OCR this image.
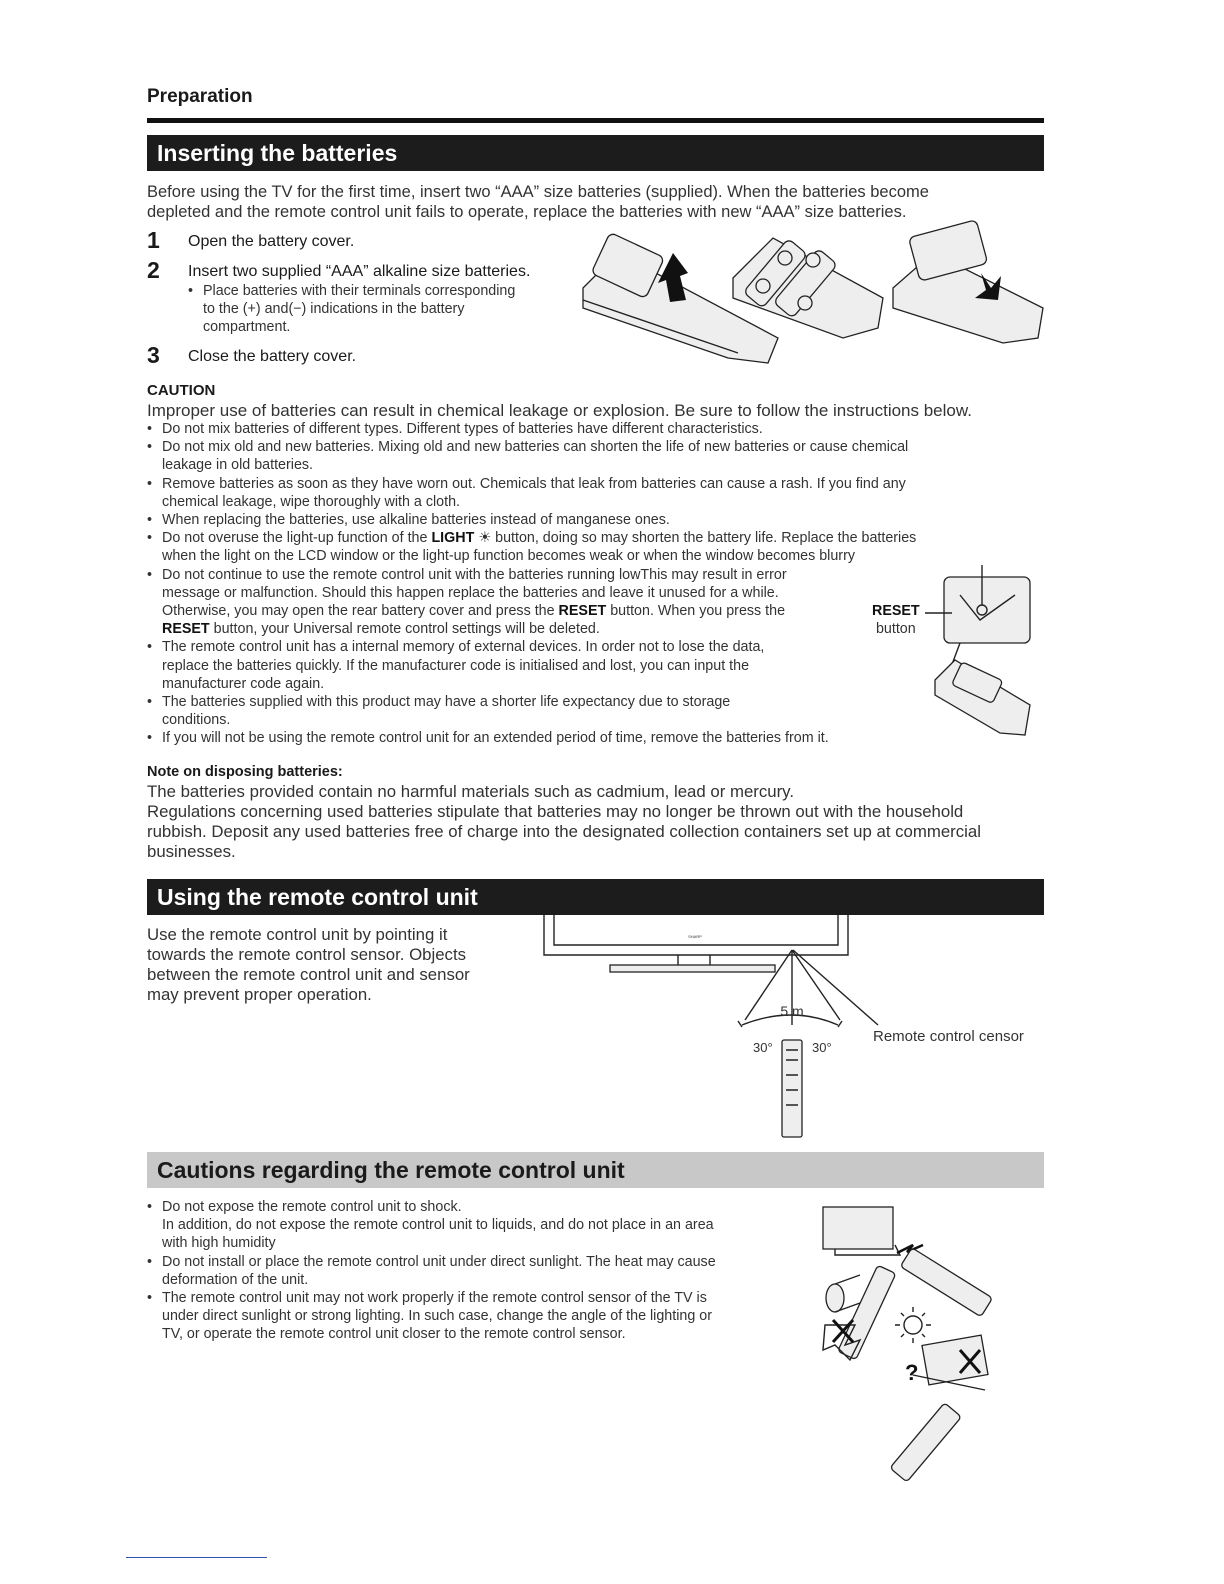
Preparation
Inserting the batteries
Before using the TV for the first time, insert two “AAA” size batteries (supplied). When the batteries become
depleted and the remote control unit fails to operate, replace the batteries with new “AAA” size batteries.
1 Open the battery cover.
2 Insert two supplied “AAA” alkaline size batteries.
• Place batteries with their terminals corresponding
to the (+) and(−) indications in the battery
compartment.
3 Close the battery cover.
CAUTION
Improper use of batteries can result in chemical leakage or explosion. Be sure to follow the instructions below.
• Do not mix batteries of different types. Different types of batteries have different characteristics.
• Do not mix old and new batteries. Mixing old and new batteries can shorten the life of new batteries or cause chemical
leakage in old batteries.
• Remove batteries as soon as they have worn out. Chemicals that leak from batteries can cause a rash. If you find any
chemical leakage, wipe thoroughly with a cloth.
• When replacing the batteries, use alkaline batteries instead of manganese ones.
• Do not overuse the light-up function of the LIGHT ☀ button, doing so may shorten the battery life. Replace the batteries
when the light on the LCD window or the light-up function becomes weak or when the window becomes blurry
• Do not continue to use the remote control unit with the batteries running lowThis may result in error
message or malfunction. Should this happen replace the batteries and leave it unused for a while.
Otherwise, you may open the rear battery cover and press the RESET button. When you press the
RESET button, your Universal remote control settings will be deleted.
• The remote control unit has a internal memory of external devices. In order not to lose the data,
replace the batteries quickly. If the manufacturer code is initialised and lost, you can input the
manufacturer code again.
• The batteries supplied with this product may have a shorter life expectancy due to storage
conditions.
• If you will not be using the remote control unit for an extended period of time, remove the batteries from it.
RESET
button
Note on disposing batteries:
The batteries provided contain no harmful materials such as cadmium, lead or mercury.
Regulations concerning used batteries stipulate that batteries may no longer be thrown out with the household
rubbish. Deposit any used batteries free of charge into the designated collection containers set up at commercial
businesses.
Using the remote control unit
Use the remote control unit by pointing it
towards the remote control sensor. Objects
between the remote control unit and sensor
may prevent proper operation.
SHARP
5 m
30°	30°
Remote control censor
Cautions regarding the remote control unit
• Do not expose the remote control unit to shock.
In addition, do not expose the remote control unit to liquids, and do not place in an area
with high humidity
• Do not install or place the remote control unit under direct sunlight. The heat may cause
deformation of the unit.
• The remote control unit may not work properly if the remote control sensor of the TV is
under direct sunlight or strong lighting. In such case, change the angle of the lighting or
TV, or operate the remote control unit closer to the remote control sensor.
?
